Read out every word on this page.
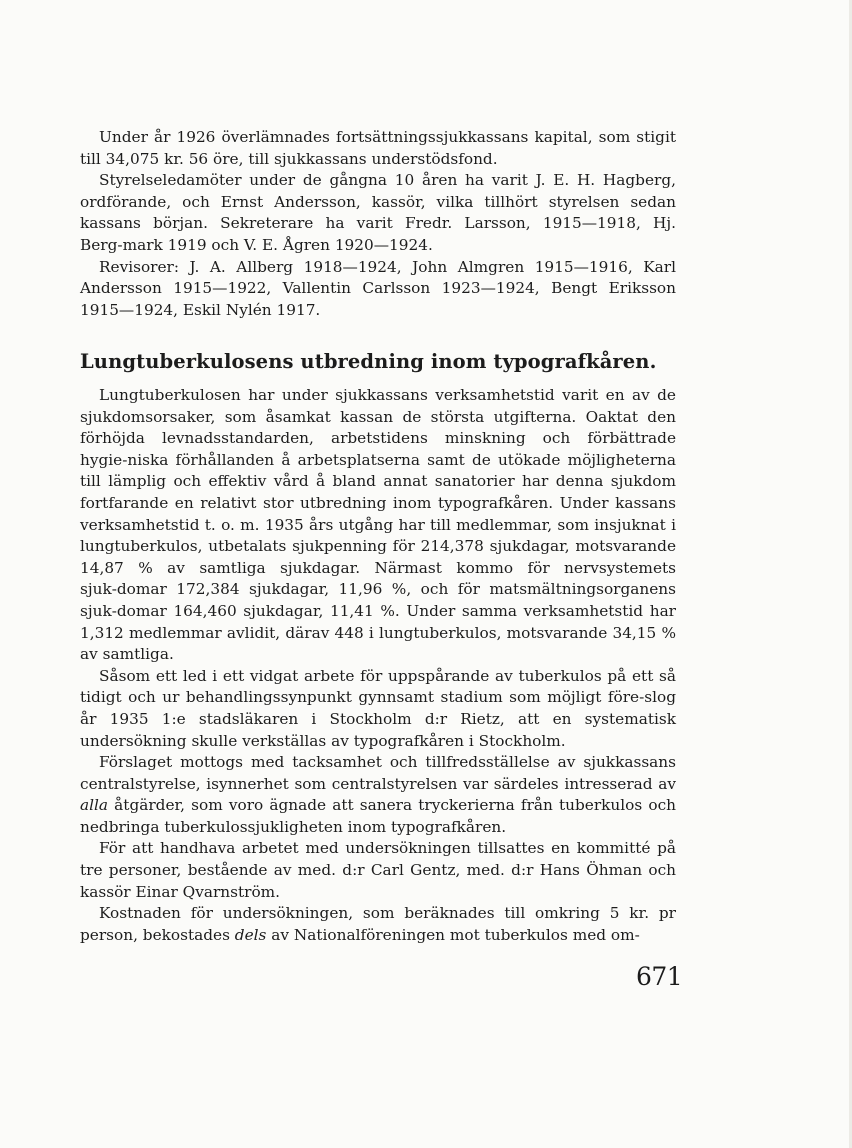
Under år 1926 överlämnades fortsättningssjukkassans kapital, som stigit till 34,075 kr. 56 öre, till sjukkassans understödsfond.

Styrelseledamöter under de gångna 10 åren ha varit J. E. H. Hagberg, ordförande, och Ernst Andersson, kassör, vilka tillhört styrelsen sedan kassans början. Sekreterare ha varit Fredr. Larsson, 1915—1918, Hj. Berg‑mark 1919 och V. E. Ågren 1920—1924.

Revisorer: J. A. Allberg 1918—1924, John Almgren 1915—1916, Karl Andersson 1915—1922, Vallentin Carlsson 1923—1924, Bengt Eriksson 1915—1924, Eskil Nylén 1917.

Lungtuberkulosens utbredning inom typografkåren.

Lungtuberkulosen har under sjukkassans verksamhetstid varit en av de sjukdomsorsaker, som åsamkat kassan de största utgifterna. Oaktat den förhöjda levnadsstandarden, arbetstidens minskning och förbättrade hygie‑niska förhållanden å arbetsplatserna samt de utökade möjligheterna till lämplig och effektiv vård å bland annat sanatorier har denna sjukdom fortfarande en relativt stor utbredning inom typografkåren. Under kassans verksamhetstid t. o. m. 1935 års utgång har till medlemmar, som insjuknat i lungtuberkulos, utbetalats sjukpenning för 214,378 sjukdagar, motsvarande 14,87 % av samtliga sjukdagar. Närmast kommo för nervsystemets sjuk‑domar 172,384 sjukdagar, 11,96 %, och för matsmältningsorganens sjuk‑domar 164,460 sjukdagar, 11,41 %. Under samma verksamhetstid har 1,312 medlemmar avlidit, därav 448 i lungtuberkulos, motsvarande 34,15 % av samtliga.

Såsom ett led i ett vidgat arbete för uppspårande av tuberkulos på ett så tidigt och ur behandlingssynpunkt gynnsamt stadium som möjligt före‑slog år 1935 1:e stadsläkaren i Stockholm d:r Rietz, att en systematisk undersökning skulle verkställas av typografkåren i Stockholm.

Förslaget mottogs med tacksamhet och tillfredsställelse av sjukkassans centralstyrelse, isynnerhet som centralstyrelsen var särdeles intresserad av alla åtgärder, som voro ägnade att sanera tryckerierna från tuberkulos och nedbringa tuberkulossjukligheten inom typografkåren.

För att handhava arbetet med undersökningen tillsattes en kommitté på tre personer, bestående av med. d:r Carl Gentz, med. d:r Hans Öhman och kassör Einar Qvarnström.

Kostnaden för undersökningen, som beräknades till omkring 5 kr. pr person, bekostades dels av Nationalföreningen mot tuberkulos med om‑

671
